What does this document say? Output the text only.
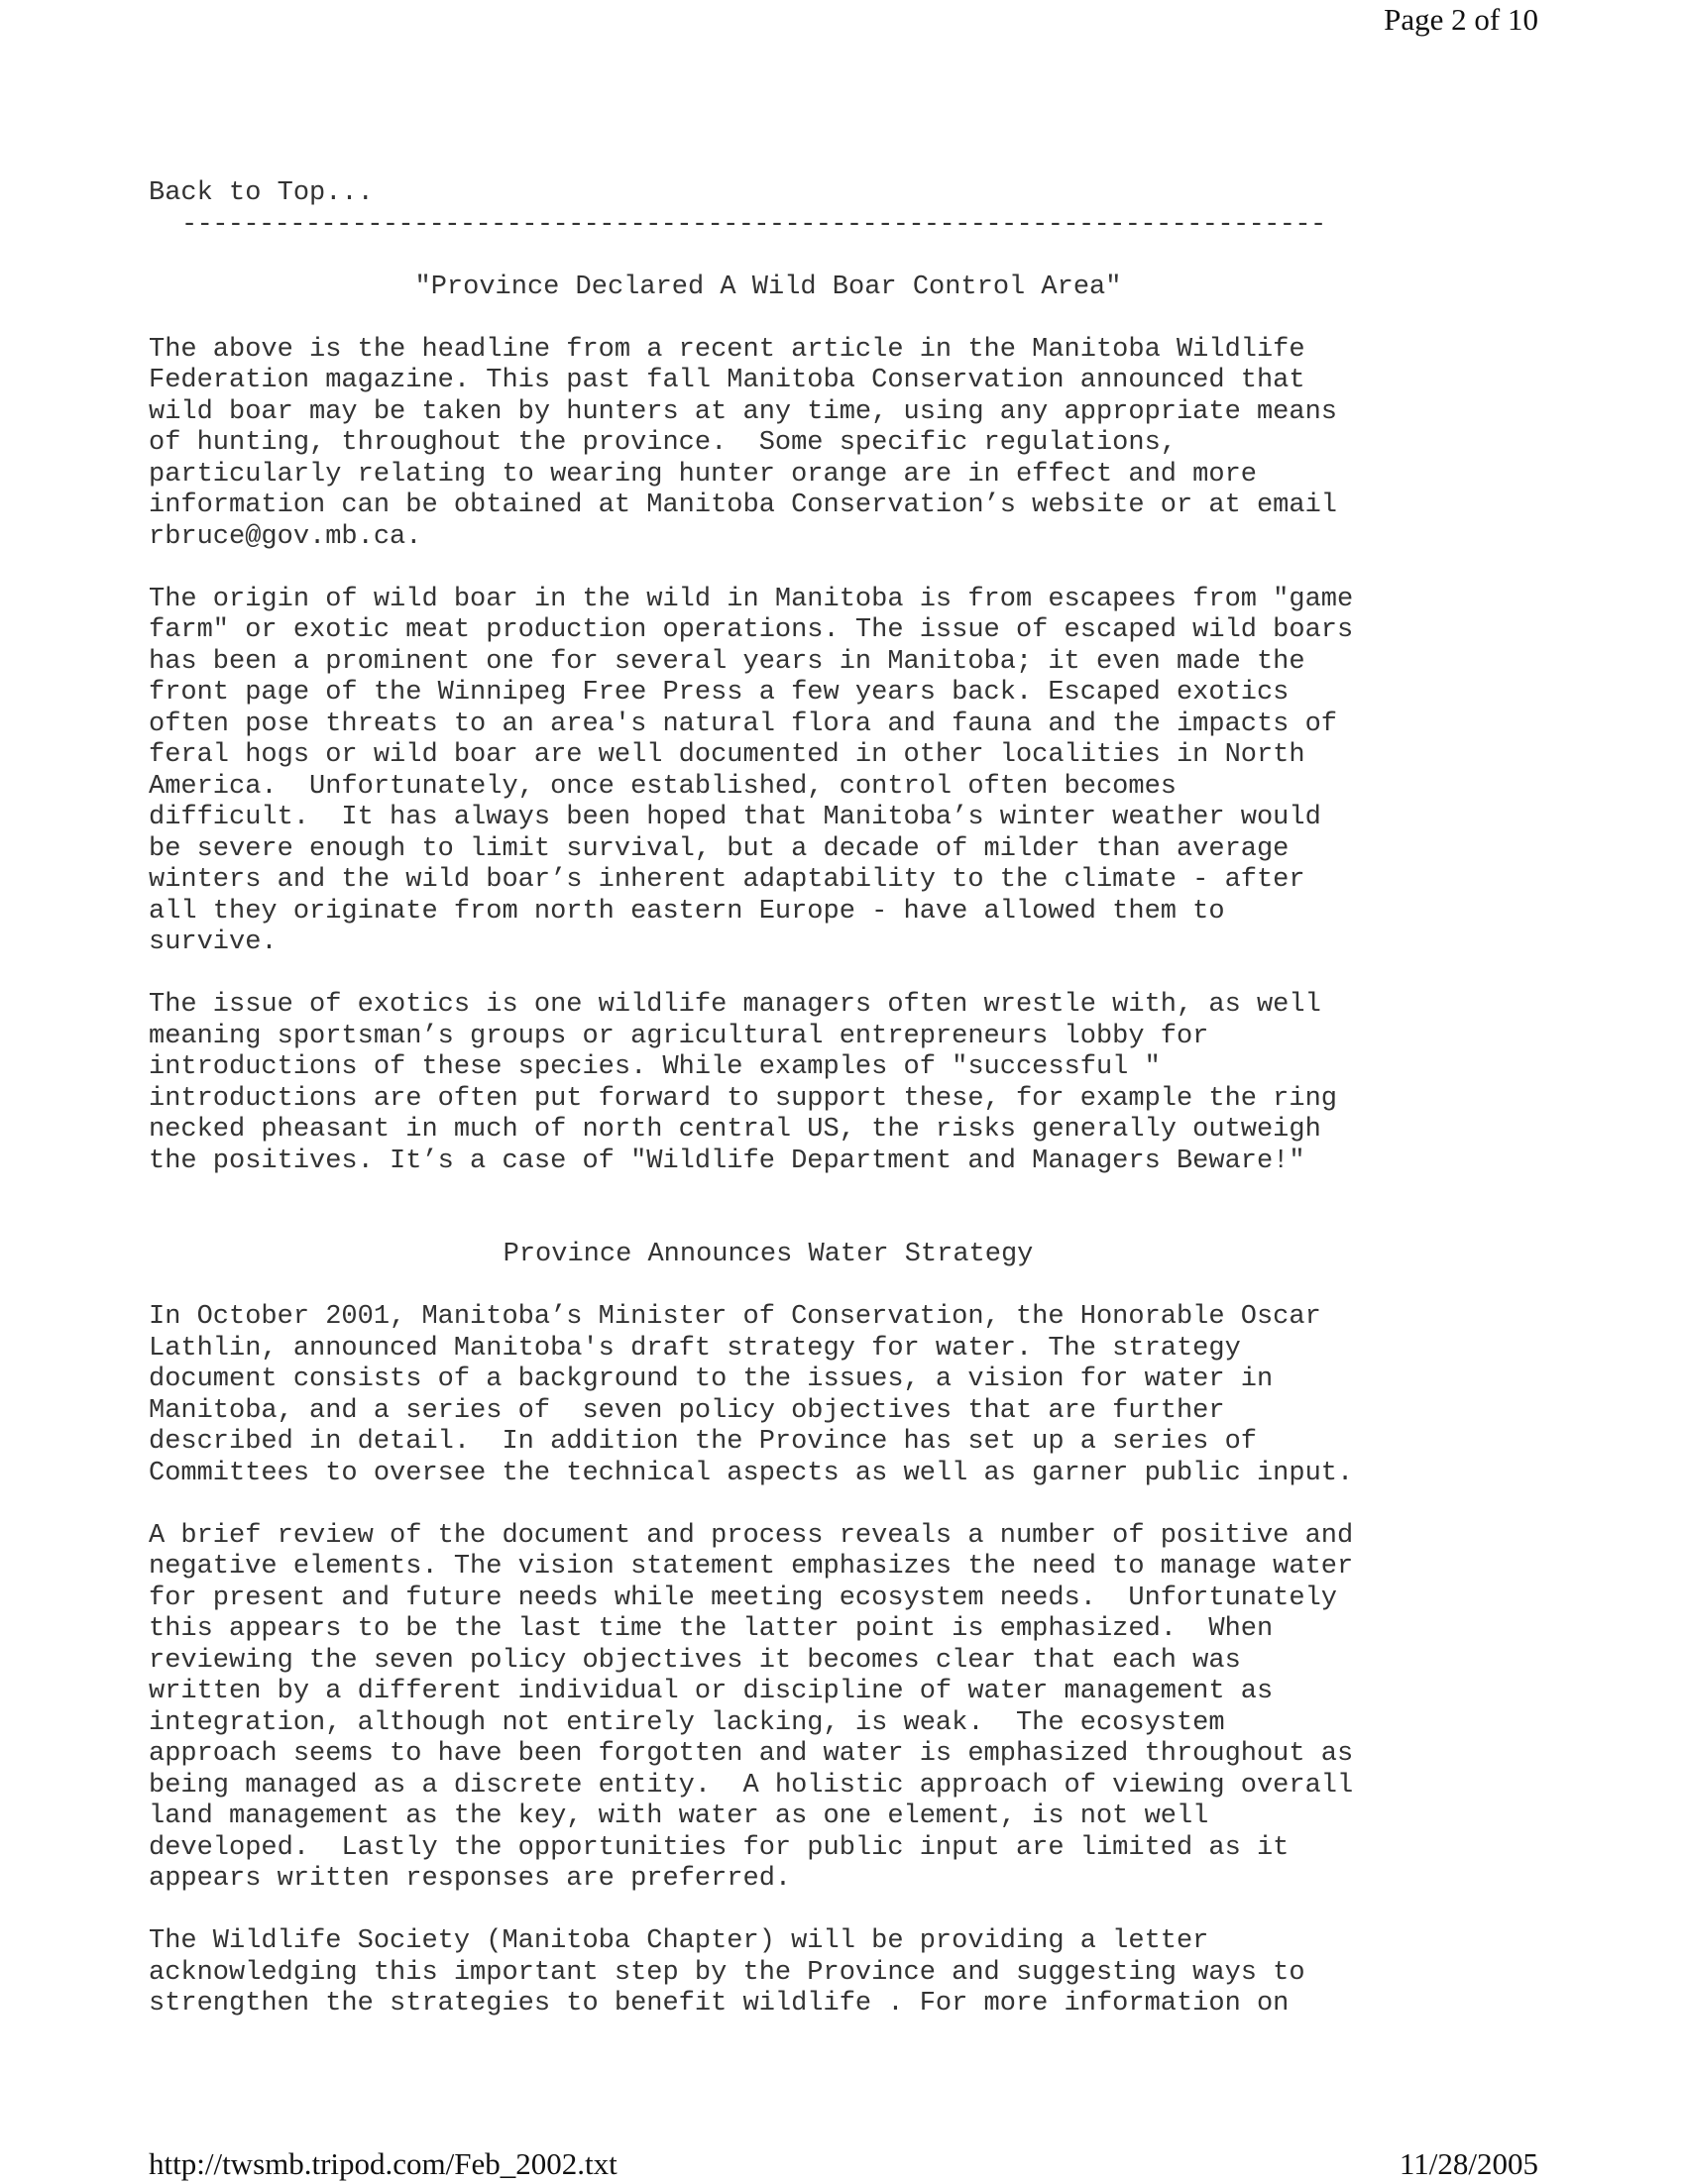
Page 2 of 10
Back to Top...
--------------------------------------------------------------------------
"Province Declared A Wild Boar Control Area"
The above is the headline from a recent article in the Manitoba Wildlife
Federation magazine. This past fall Manitoba Conservation announced that
wild boar may be taken by hunters at any time, using any appropriate means
of hunting, throughout the province.  Some specific regulations,
particularly relating to wearing hunter orange are in effect and more
information can be obtained at Manitoba Conservation’s website or at email
rbruce@gov.mb.ca.
The origin of wild boar in the wild in Manitoba is from escapees from "game
farm" or exotic meat production operations. The issue of escaped wild boars
has been a prominent one for several years in Manitoba; it even made the
front page of the Winnipeg Free Press a few years back. Escaped exotics
often pose threats to an area's natural flora and fauna and the impacts of
feral hogs or wild boar are well documented in other localities in North
America.  Unfortunately, once established, control often becomes
difficult.  It has always been hoped that Manitoba’s winter weather would
be severe enough to limit survival, but a decade of milder than average
winters and the wild boar’s inherent adaptability to the climate - after
all they originate from north eastern Europe - have allowed them to
survive.
The issue of exotics is one wildlife managers often wrestle with, as well
meaning sportsman’s groups or agricultural entrepreneurs lobby for
introductions of these species. While examples of "successful "
introductions are often put forward to support these, for example the ring
necked pheasant in much of north central US, the risks generally outweigh
the positives. It’s a case of "Wildlife Department and Managers Beware!"
Province Announces Water Strategy
In October 2001, Manitoba’s Minister of Conservation, the Honorable Oscar
Lathlin, announced Manitoba's draft strategy for water. The strategy
document consists of a background to the issues, a vision for water in
Manitoba, and a series of  seven policy objectives that are further
described in detail.  In addition the Province has set up a series of
Committees to oversee the technical aspects as well as garner public input.
A brief review of the document and process reveals a number of positive and
negative elements. The vision statement emphasizes the need to manage water
for present and future needs while meeting ecosystem needs.  Unfortunately
this appears to be the last time the latter point is emphasized.  When
reviewing the seven policy objectives it becomes clear that each was
written by a different individual or discipline of water management as
integration, although not entirely lacking, is weak.  The ecosystem
approach seems to have been forgotten and water is emphasized throughout as
being managed as a discrete entity.  A holistic approach of viewing overall
land management as the key, with water as one element, is not well
developed.  Lastly the opportunities for public input are limited as it
appears written responses are preferred.
The Wildlife Society (Manitoba Chapter) will be providing a letter
acknowledging this important step by the Province and suggesting ways to
strengthen the strategies to benefit wildlife . For more information on
http://twsmb.tripod.com/Feb_2002.txt	11/28/2005
